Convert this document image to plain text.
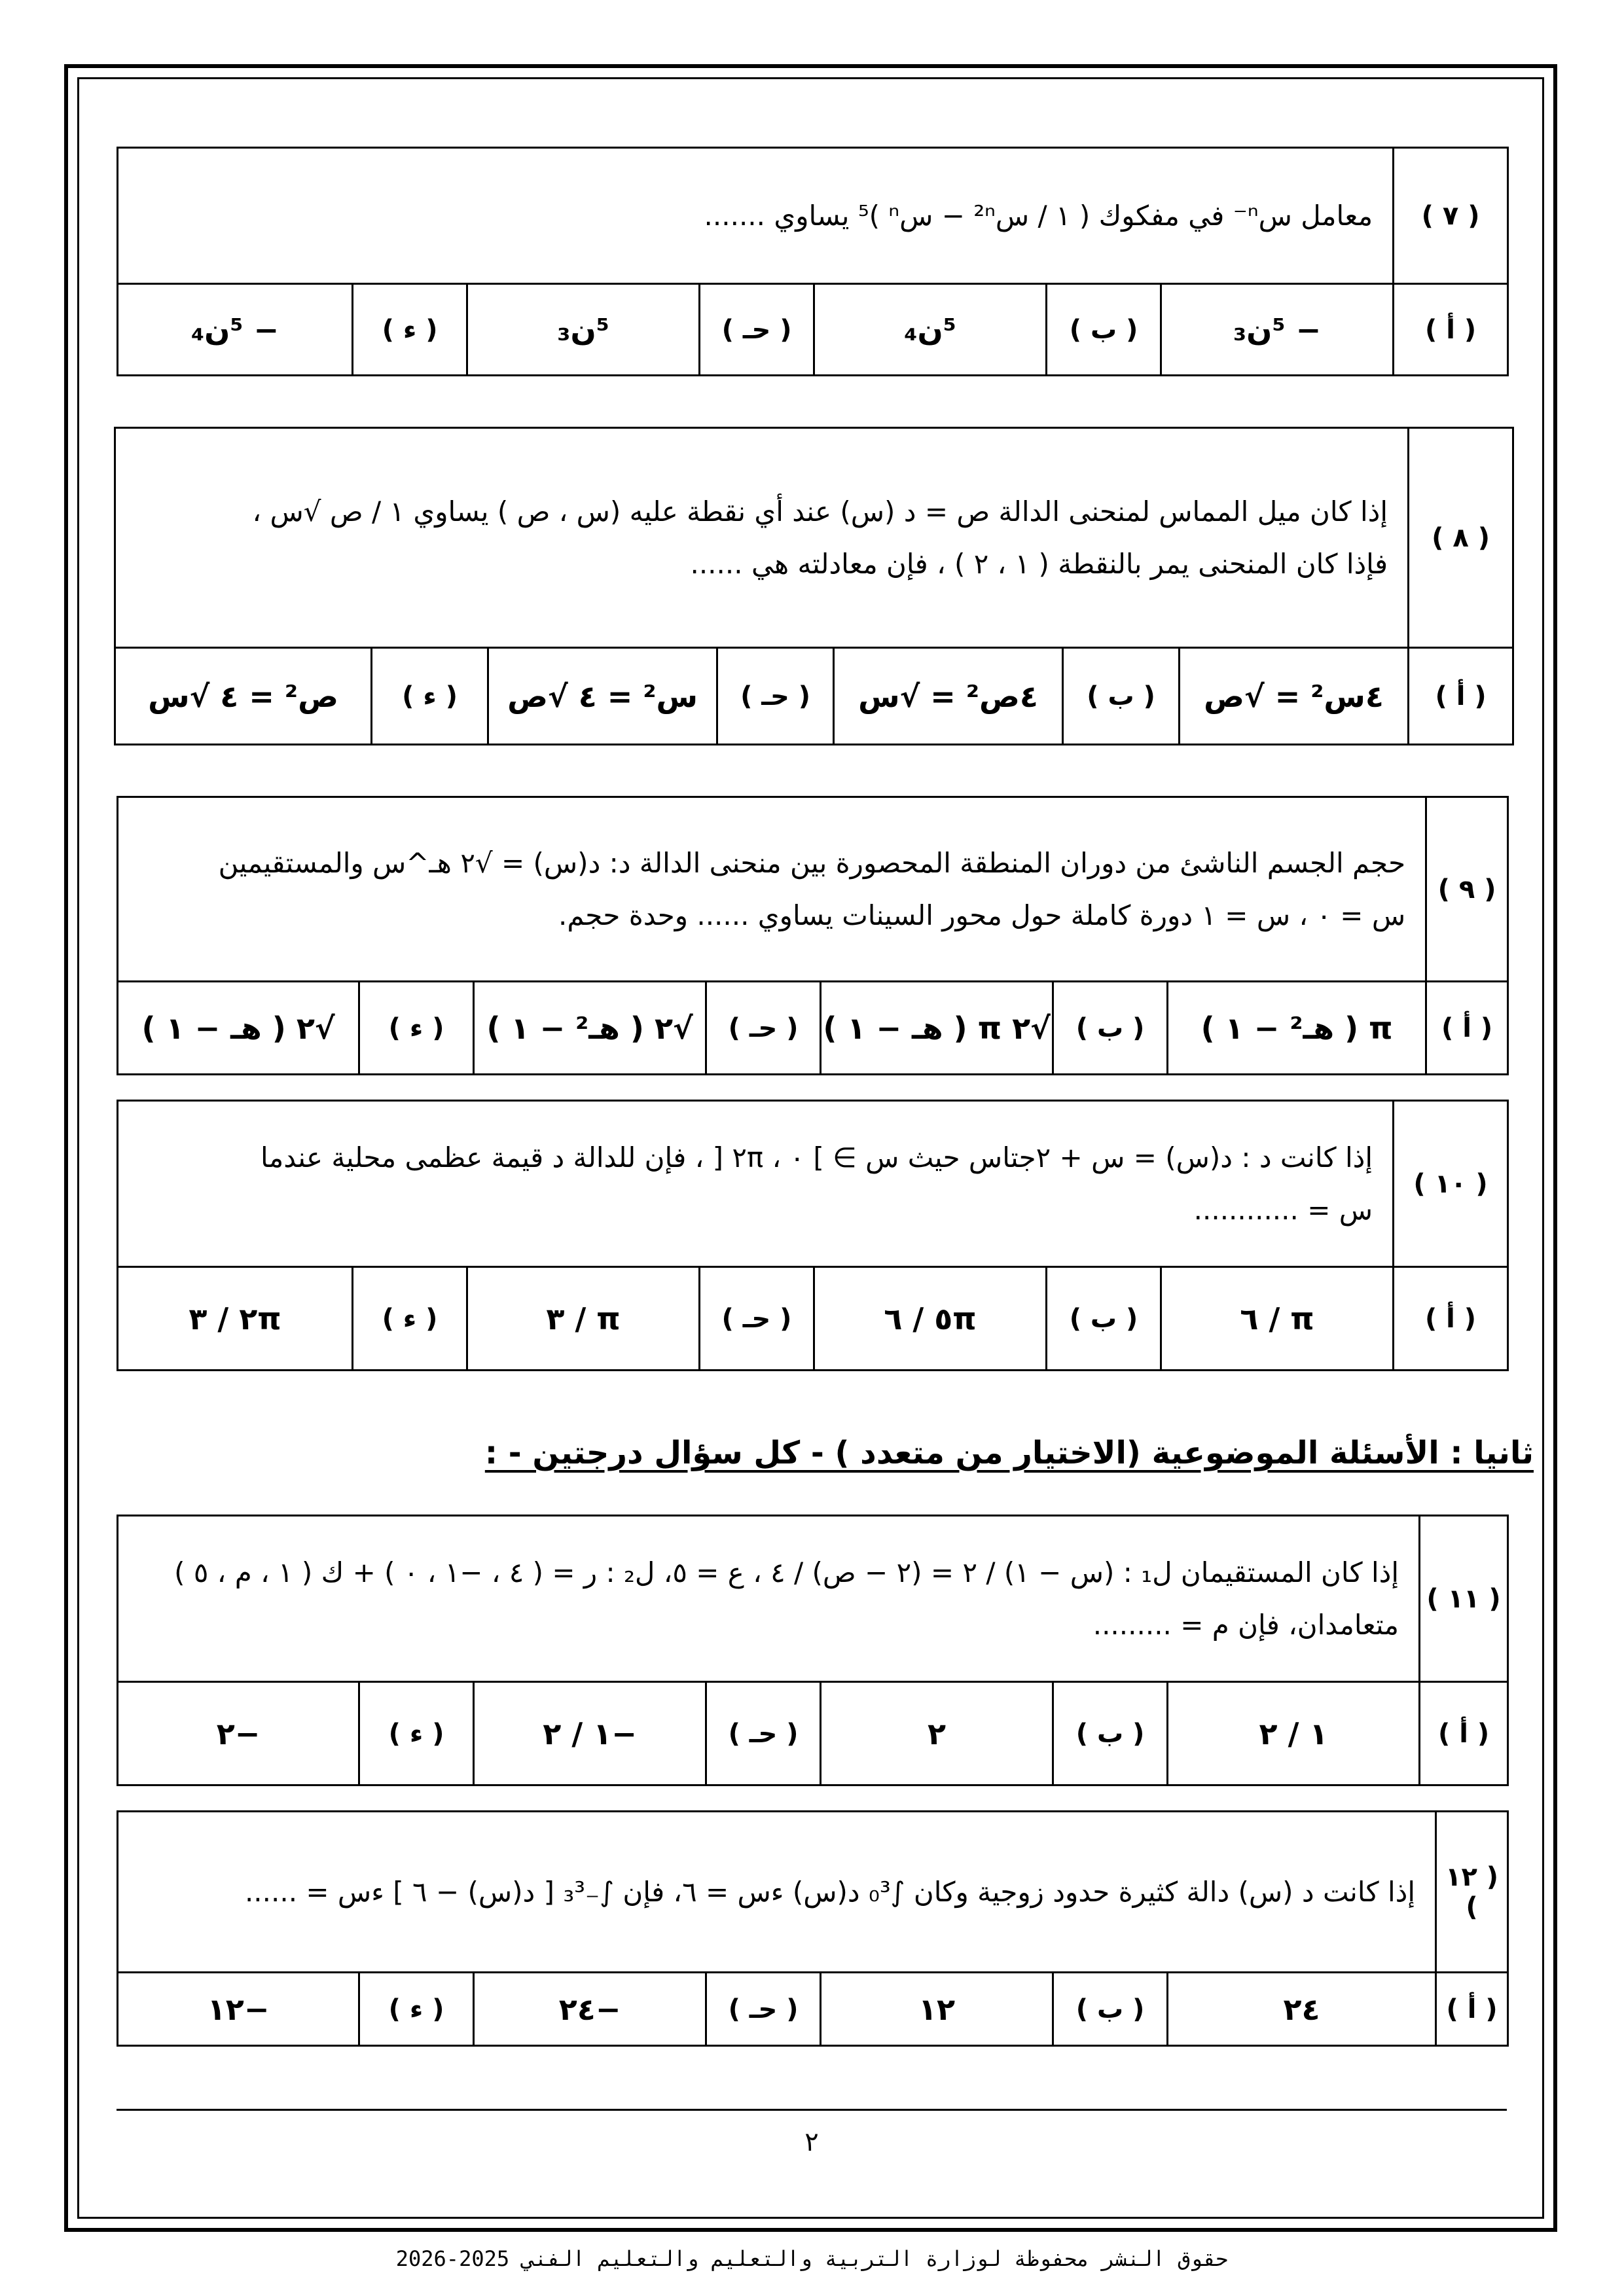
( ٧ )	معامل سⁿ⁻ في مفكوك ( ١ / س²ⁿ − سⁿ )⁵ يساوي .......						
( أ )	− ⁵ن₃	( ب )	⁵ن₄	( حـ )	⁵ن₃	( ء )	− ⁵ن₄
( ٨ )	إذا كان ميل المماس لمنحنى الدالة ص = د (س) عند أي نقطة عليه (س ، ص ) يساوي ١ / ص √س ،
فإذا كان المنحنى يمر بالنقطة ( ١ ، ٢ ) ، فإن معادلته هي ......						

( أ )	٤س² = √ص	( ب )	٤ص² = √س	( حـ )	س² = ٤ √ص	( ء )	ص² = ٤ √س
( ٩ )	حجم الجسم الناشئ من دوران المنطقة المحصورة بين منحنى الدالة د: د(س) = √٢ هـ^س والمستقيمين
س = ٠ ، س = ١ دورة كاملة حول محور السينات يساوي ...... وحدة حجم.						

( أ )	π ( هـ² − ١ )	( ب )	√٢ π ( هـ − ١ )	( حـ )	√٢ ( هـ² − ١ )	( ء )	√٢ ( هـ − ١ )
( ١٠ )	إذا كانت د : د(س) = س + ٢جتاس حيث س ∋ ] ٠ ، ٢π [ ، فإن للدالة د قيمة عظمى محلية عندما
س = ............						

( أ )	π / ٦	( ب )	٥π / ٦	( حـ )	π / ٣	( ء )	٢π / ٣
ثانيا : الأسئلة الموضوعية (الاختيار من متعدد ) - كل سؤال درجتين - :
( ١١ )	إذا كان المستقيمان ل₁ : (س − ١) / ٢ = (٢ − ص) / ٤ ، ع = ٥، ل₂ : ر = ( ٤ ، −١ ، ٠ ) + ك ( ١ ، م ، ٥ )
متعامدان، فإن م = .........						

( أ )	١ / ٢	( ب )	٢	( حـ )	−١ / ٢	( ء )	−٢
( ١٢ )	إذا كانت د (س) دالة كثيرة حدود زوجية وكان ∫₀³ د(س) ءس = ٦، فإن ∫₋₃³ [ د(س) − ٦ ] ءس = ......						
( أ )	٢٤	( ب )	١٢	( حـ )	−٢٤	( ء )	−١٢
٢
حقوق النشر محفوظة لوزارة التربية والتعليم والتعليم الفني 2025-2026
